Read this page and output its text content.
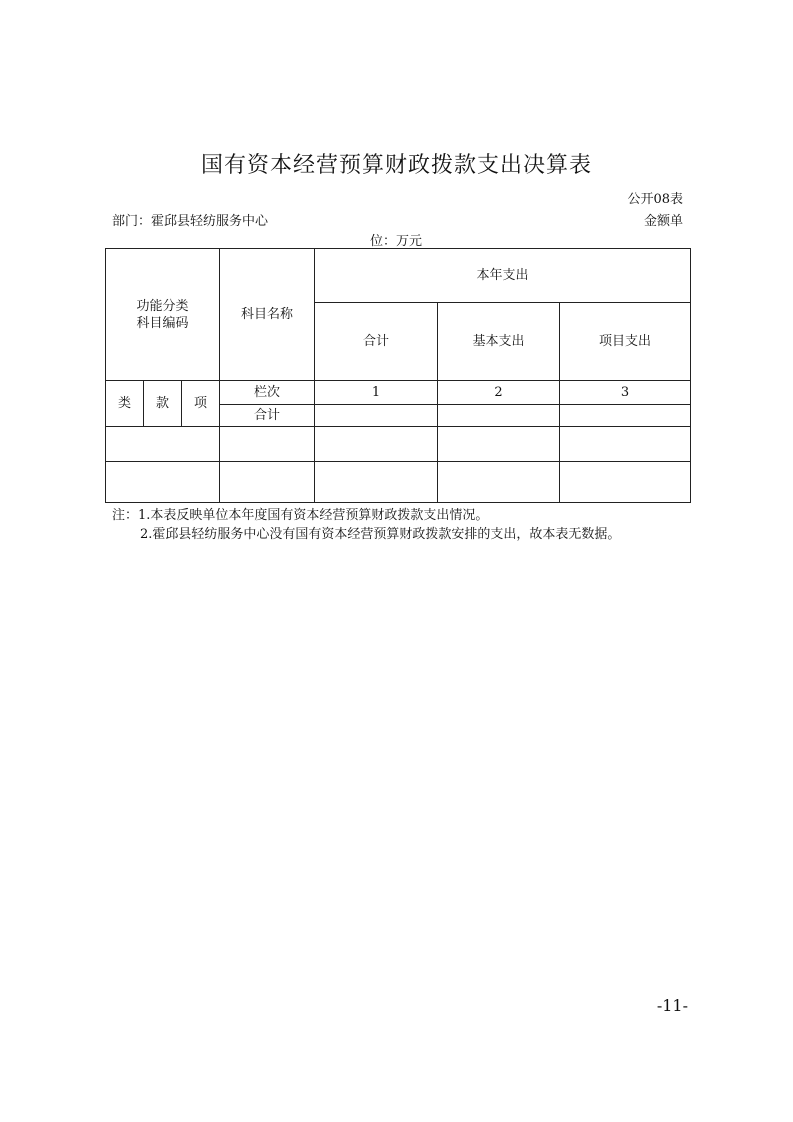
国有资本经营预算财政拨款支出决算表
公开08表
部门：霍邱县轻纺服务中心	金额单
位：万元
功能分类
科目编码			科目名称	本年支出		
				合计	基本支出	项目支出
类	款	项	栏次	1	2	3
			合计			

注：1.本表反映单位本年度国有资本经营预算财政拨款支出情况。
2.霍邱县轻纺服务中心没有国有资本经营预算财政拨款安排的支出，故本表无数据。
-11-
